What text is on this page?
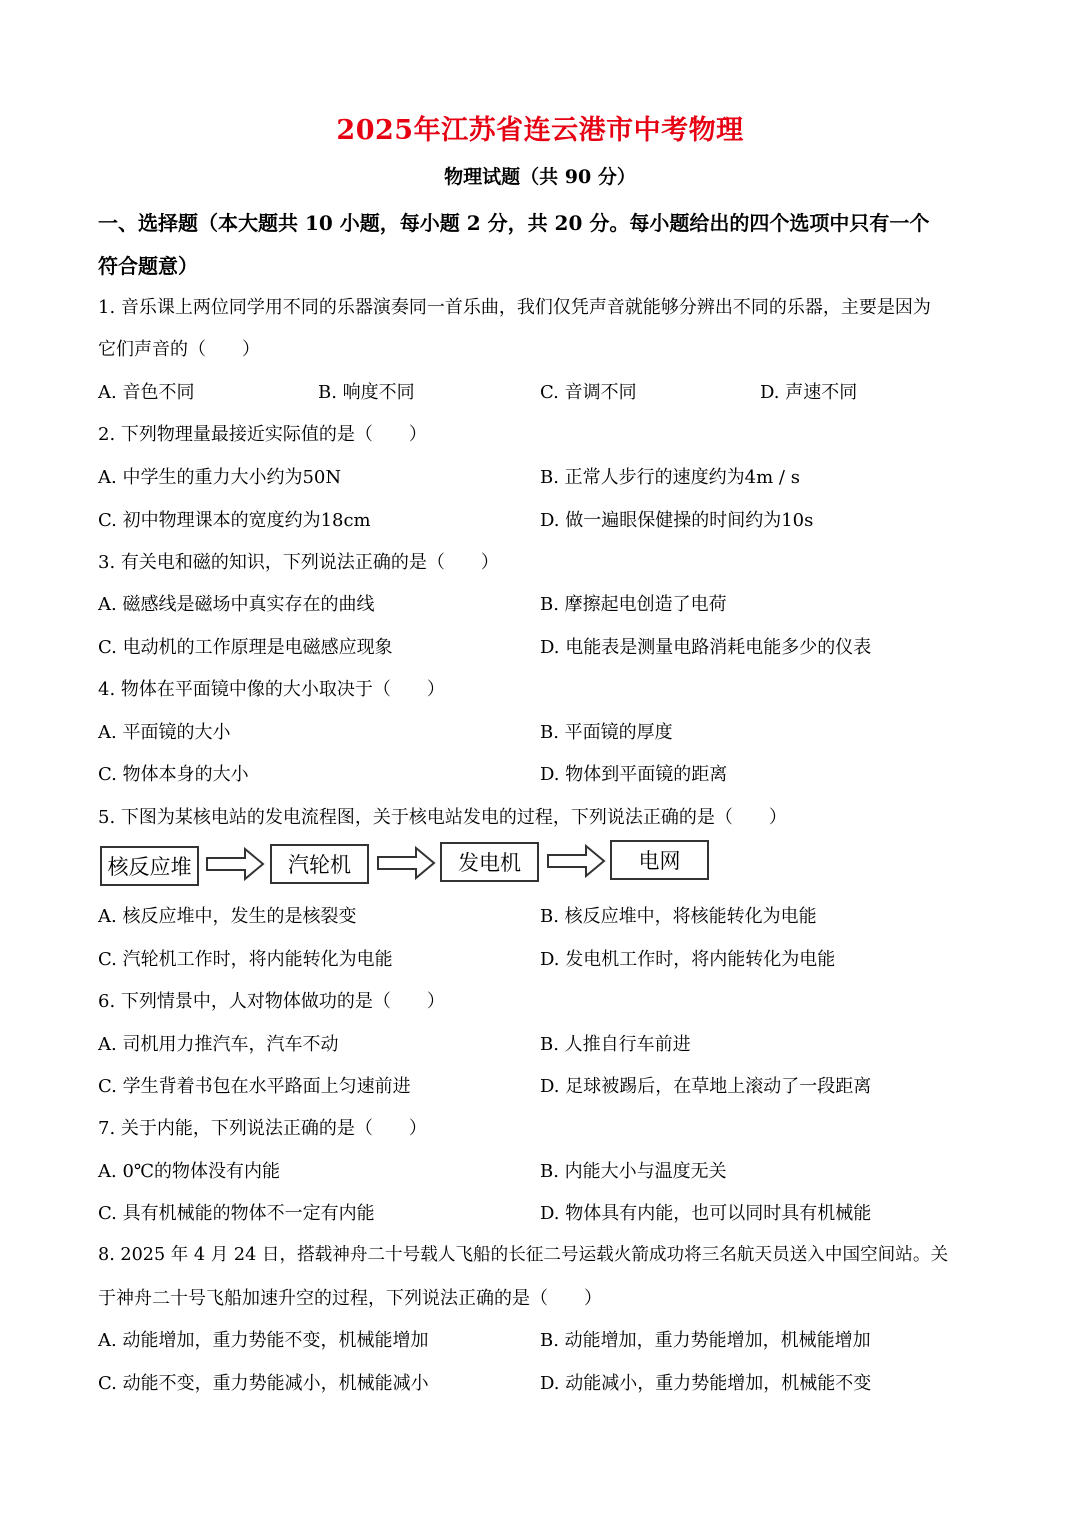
2025年江苏省连云港市中考物理
物理试题（共 90 分）
一、选择题（本大题共 10 小题，每小题 2 分，共 20 分。每小题给出的四个选项中只有一个
符合题意）
1. 音乐课上两位同学用不同的乐器演奏同一首乐曲，我们仅凭声音就能够分辨出不同的乐器，主要是因为
它们声音的（　　）
A. 音色不同	B. 响度不同	C. 音调不同	D. 声速不同
2. 下列物理量最接近实际值的是（　　）
A. 中学生的重力大小约为50N	B. 正常人步行的速度约为4m / s
C. 初中物理课本的宽度约为18cm	D. 做一遍眼保健操的时间约为10s
3. 有关电和磁的知识，下列说法正确的是（　　）
A. 磁感线是磁场中真实存在的曲线	B. 摩擦起电创造了电荷
C. 电动机的工作原理是电磁感应现象	D. 电能表是测量电路消耗电能多少的仪表
4. 物体在平面镜中像的大小取决于（　　）
A. 平面镜的大小	B. 平面镜的厚度
C. 物体本身的大小	D. 物体到平面镜的距离
5. 下图为某核电站的发电流程图，关于核电站发电的过程，下列说法正确的是（　　）
核反应堆	汽轮机	发电机	电网
A. 核反应堆中，发生的是核裂变	B. 核反应堆中，将核能转化为电能
C. 汽轮机工作时，将内能转化为电能	D. 发电机工作时，将内能转化为电能
6. 下列情景中，人对物体做功的是（　　）
A. 司机用力推汽车，汽车不动	B. 人推自行车前进
C. 学生背着书包在水平路面上匀速前进	D. 足球被踢后，在草地上滚动了一段距离
7. 关于内能，下列说法正确的是（　　）
A. 0℃的物体没有内能	B. 内能大小与温度无关
C. 具有机械能的物体不一定有内能	D. 物体具有内能，也可以同时具有机械能
8. 2025 年 4 月 24 日，搭载神舟二十号载人飞船的长征二号运载火箭成功将三名航天员送入中国空间站。关
于神舟二十号飞船加速升空的过程，下列说法正确的是（　　）
A. 动能增加，重力势能不变，机械能增加	B. 动能增加，重力势能增加，机械能增加
C. 动能不变，重力势能减小，机械能减小	D. 动能减小，重力势能增加，机械能不变
